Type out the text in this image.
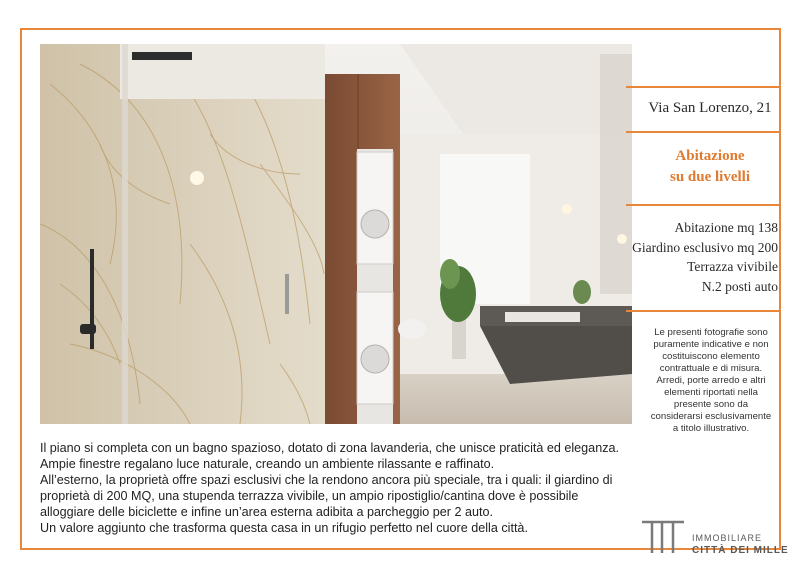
Via San Lorenzo, 21
Abitazione
su due livelli
Abitazione mq 138
Giardino esclusivo mq 200
Terrazza vivibile
N.2 posti auto
Le presenti fotografie sono puramente indicative e non costituiscono elemento contrattuale e di misura. Arredi, porte arredo e altri elementi riportati nella presente sono da considerarsi esclusivamente a titolo illustrativo.

Il piano si completa con un bagno spazioso, dotato di zona lavanderia, che unisce praticità ed eleganza. Ampie finestre regalano luce naturale, creando un ambiente rilassante e raffinato.

All’esterno, la proprietà offre spazi esclusivi che la rendono ancora più speciale, tra i quali: il giardino di proprietà di 200 MQ, una stupenda terrazza vivibile, un ampio ripostiglio/cantina dove è possibile alloggiare delle biciclette e infine un’area esterna adibita a parcheggio per 2 auto.

Un valore aggiunto che trasforma questa casa in un rifugio perfetto nel cuore della città.

IMMOBILIARE
CITTÀ DEI MILLE
